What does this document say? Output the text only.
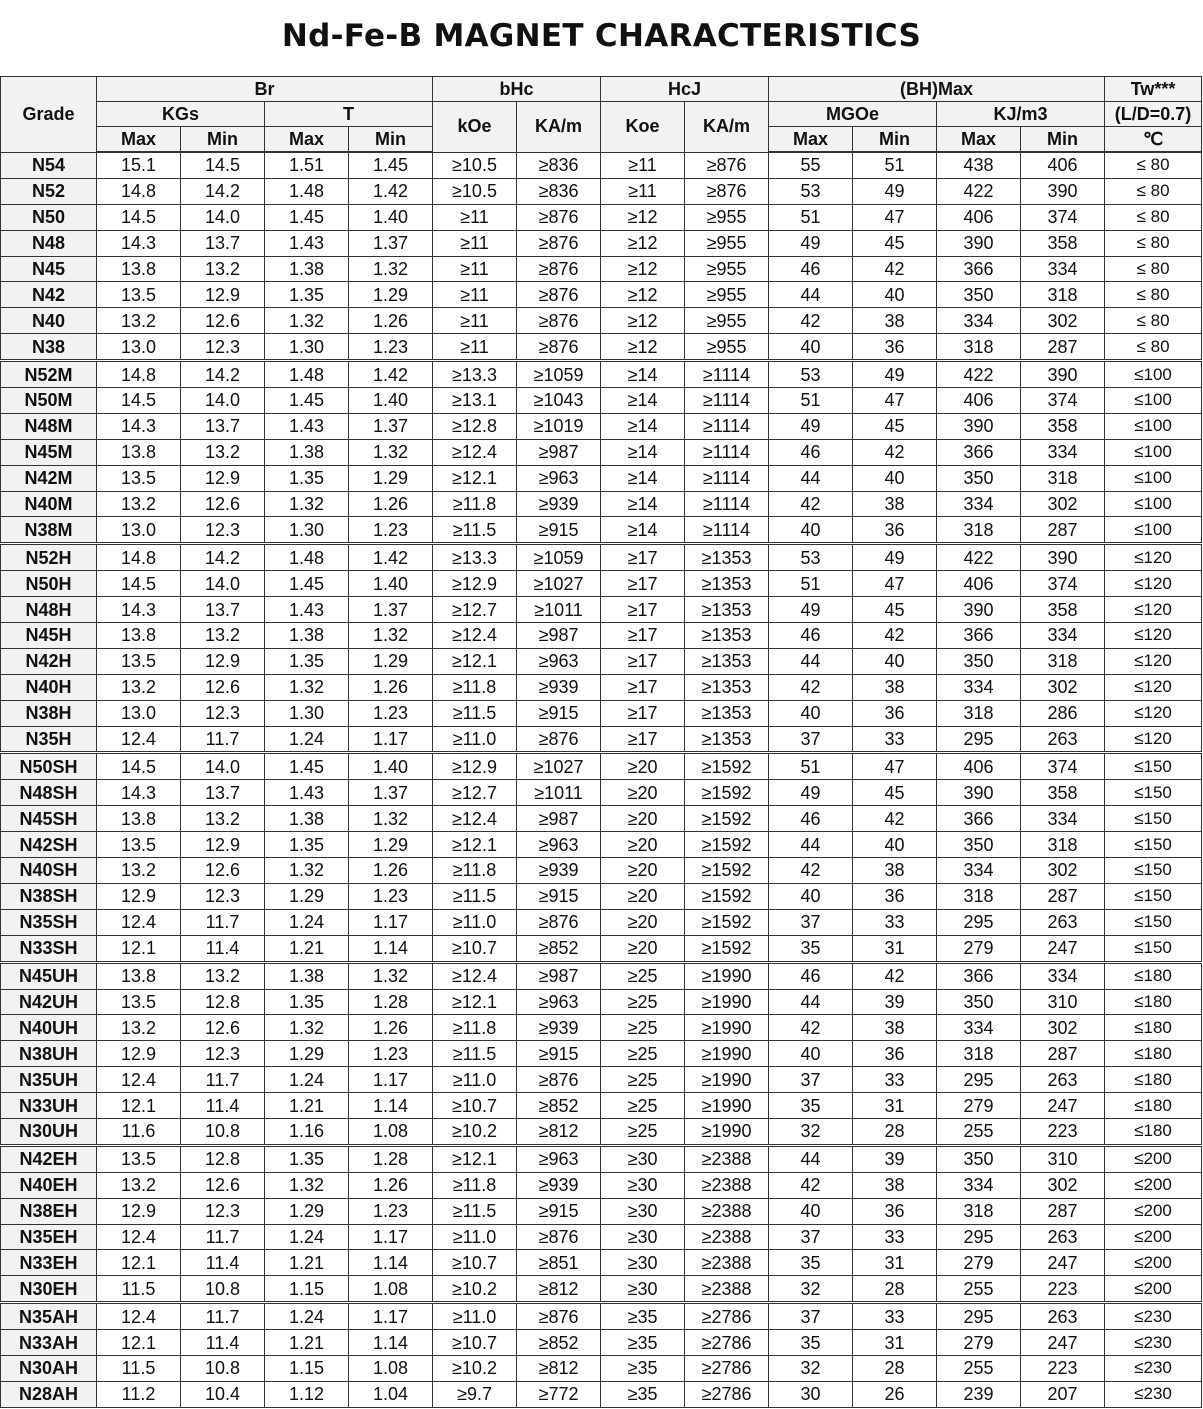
Nd-Fe-B MAGNET CHARACTERISTICS
Grade	Br				bHc		HcJ		(BH)Max				Tw***
	KGs		T		kOe	KA/m	Koe	KA/m	MGOe		KJ/m3		(L/D=0.7)
	Max	Min	Max	Min					Max	Min	Max	Min	℃
N54	15.1	14.5	1.51	1.45	≥10.5	≥836	≥11	≥876	55	51	438	406	≤ 80
N52	14.8	14.2	1.48	1.42	≥10.5	≥836	≥11	≥876	53	49	422	390	≤ 80
N50	14.5	14.0	1.45	1.40	≥11	≥876	≥12	≥955	51	47	406	374	≤ 80
N48	14.3	13.7	1.43	1.37	≥11	≥876	≥12	≥955	49	45	390	358	≤ 80
N45	13.8	13.2	1.38	1.32	≥11	≥876	≥12	≥955	46	42	366	334	≤ 80
N42	13.5	12.9	1.35	1.29	≥11	≥876	≥12	≥955	44	40	350	318	≤ 80
N40	13.2	12.6	1.32	1.26	≥11	≥876	≥12	≥955	42	38	334	302	≤ 80
N38	13.0	12.3	1.30	1.23	≥11	≥876	≥12	≥955	40	36	318	287	≤ 80
N52M	14.8	14.2	1.48	1.42	≥13.3	≥1059	≥14	≥1114	53	49	422	390	≤100
N50M	14.5	14.0	1.45	1.40	≥13.1	≥1043	≥14	≥1114	51	47	406	374	≤100
N48M	14.3	13.7	1.43	1.37	≥12.8	≥1019	≥14	≥1114	49	45	390	358	≤100
N45M	13.8	13.2	1.38	1.32	≥12.4	≥987	≥14	≥1114	46	42	366	334	≤100
N42M	13.5	12.9	1.35	1.29	≥12.1	≥963	≥14	≥1114	44	40	350	318	≤100
N40M	13.2	12.6	1.32	1.26	≥11.8	≥939	≥14	≥1114	42	38	334	302	≤100
N38M	13.0	12.3	1.30	1.23	≥11.5	≥915	≥14	≥1114	40	36	318	287	≤100
N52H	14.8	14.2	1.48	1.42	≥13.3	≥1059	≥17	≥1353	53	49	422	390	≤120
N50H	14.5	14.0	1.45	1.40	≥12.9	≥1027	≥17	≥1353	51	47	406	374	≤120
N48H	14.3	13.7	1.43	1.37	≥12.7	≥1011	≥17	≥1353	49	45	390	358	≤120
N45H	13.8	13.2	1.38	1.32	≥12.4	≥987	≥17	≥1353	46	42	366	334	≤120
N42H	13.5	12.9	1.35	1.29	≥12.1	≥963	≥17	≥1353	44	40	350	318	≤120
N40H	13.2	12.6	1.32	1.26	≥11.8	≥939	≥17	≥1353	42	38	334	302	≤120
N38H	13.0	12.3	1.30	1.23	≥11.5	≥915	≥17	≥1353	40	36	318	286	≤120
N35H	12.4	11.7	1.24	1.17	≥11.0	≥876	≥17	≥1353	37	33	295	263	≤120
N50SH	14.5	14.0	1.45	1.40	≥12.9	≥1027	≥20	≥1592	51	47	406	374	≤150
N48SH	14.3	13.7	1.43	1.37	≥12.7	≥1011	≥20	≥1592	49	45	390	358	≤150
N45SH	13.8	13.2	1.38	1.32	≥12.4	≥987	≥20	≥1592	46	42	366	334	≤150
N42SH	13.5	12.9	1.35	1.29	≥12.1	≥963	≥20	≥1592	44	40	350	318	≤150
N40SH	13.2	12.6	1.32	1.26	≥11.8	≥939	≥20	≥1592	42	38	334	302	≤150
N38SH	12.9	12.3	1.29	1.23	≥11.5	≥915	≥20	≥1592	40	36	318	287	≤150
N35SH	12.4	11.7	1.24	1.17	≥11.0	≥876	≥20	≥1592	37	33	295	263	≤150
N33SH	12.1	11.4	1.21	1.14	≥10.7	≥852	≥20	≥1592	35	31	279	247	≤150
N45UH	13.8	13.2	1.38	1.32	≥12.4	≥987	≥25	≥1990	46	42	366	334	≤180
N42UH	13.5	12.8	1.35	1.28	≥12.1	≥963	≥25	≥1990	44	39	350	310	≤180
N40UH	13.2	12.6	1.32	1.26	≥11.8	≥939	≥25	≥1990	42	38	334	302	≤180
N38UH	12.9	12.3	1.29	1.23	≥11.5	≥915	≥25	≥1990	40	36	318	287	≤180
N35UH	12.4	11.7	1.24	1.17	≥11.0	≥876	≥25	≥1990	37	33	295	263	≤180
N33UH	12.1	11.4	1.21	1.14	≥10.7	≥852	≥25	≥1990	35	31	279	247	≤180
N30UH	11.6	10.8	1.16	1.08	≥10.2	≥812	≥25	≥1990	32	28	255	223	≤180
N42EH	13.5	12.8	1.35	1.28	≥12.1	≥963	≥30	≥2388	44	39	350	310	≤200
N40EH	13.2	12.6	1.32	1.26	≥11.8	≥939	≥30	≥2388	42	38	334	302	≤200
N38EH	12.9	12.3	1.29	1.23	≥11.5	≥915	≥30	≥2388	40	36	318	287	≤200
N35EH	12.4	11.7	1.24	1.17	≥11.0	≥876	≥30	≥2388	37	33	295	263	≤200
N33EH	12.1	11.4	1.21	1.14	≥10.7	≥851	≥30	≥2388	35	31	279	247	≤200
N30EH	11.5	10.8	1.15	1.08	≥10.2	≥812	≥30	≥2388	32	28	255	223	≤200
N35AH	12.4	11.7	1.24	1.17	≥11.0	≥876	≥35	≥2786	37	33	295	263	≤230
N33AH	12.1	11.4	1.21	1.14	≥10.7	≥852	≥35	≥2786	35	31	279	247	≤230
N30AH	11.5	10.8	1.15	1.08	≥10.2	≥812	≥35	≥2786	32	28	255	223	≤230
N28AH	11.2	10.4	1.12	1.04	≥9.7	≥772	≥35	≥2786	30	26	239	207	≤230
